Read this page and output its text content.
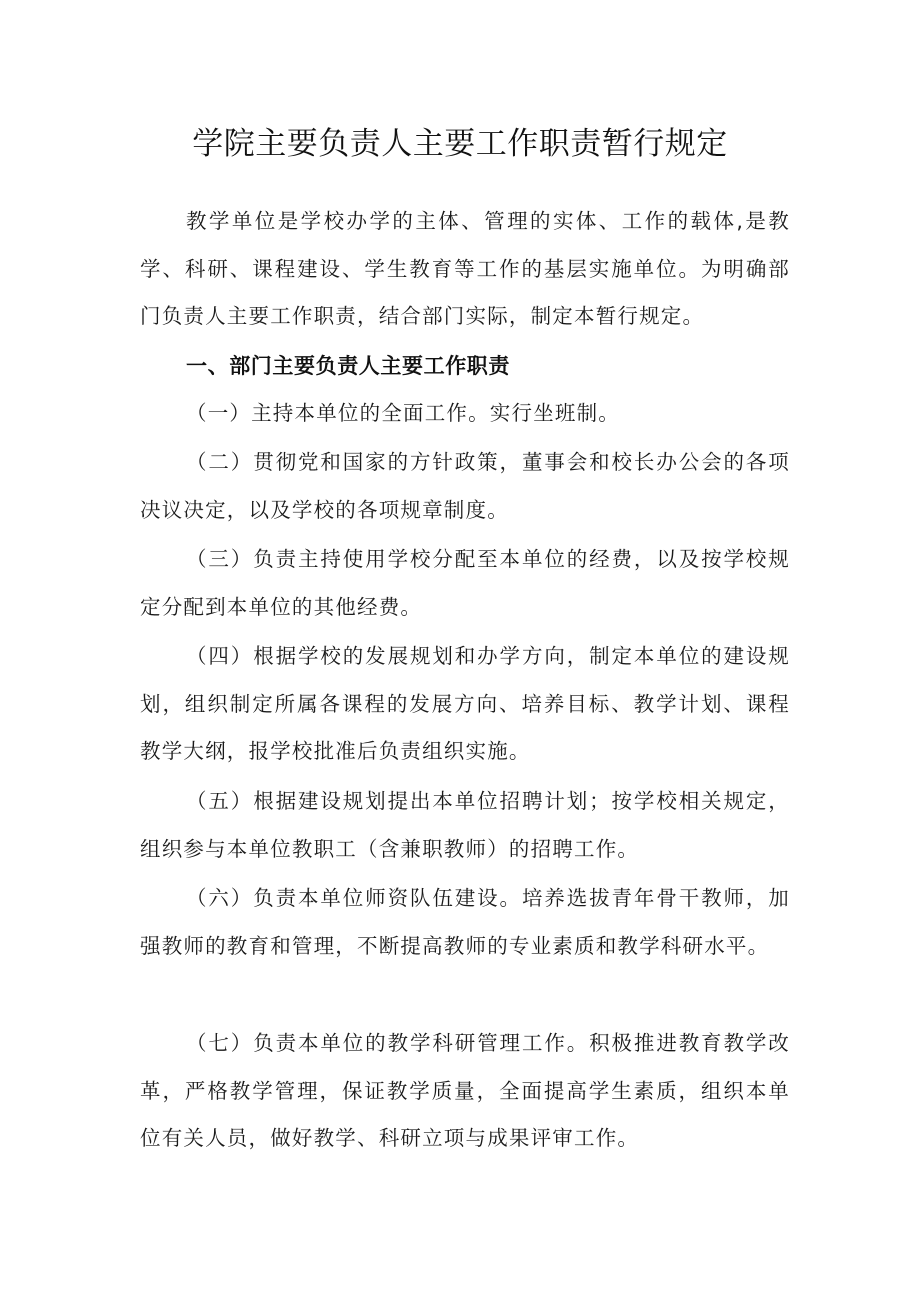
学院主要负责人主要工作职责暂行规定

教学单位是学校办学的主体、管理的实体、工作的载体,是教学、科研、课程建设、学生教育等工作的基层实施单位。为明确部门负责人主要工作职责，结合部门实际，制定本暂行规定。

一、部门主要负责人主要工作职责

（一）主持本单位的全面工作。实行坐班制。

（二）贯彻党和国家的方针政策，董事会和校长办公会的各项决议决定，以及学校的各项规章制度。

（三）负责主持使用学校分配至本单位的经费，以及按学校规定分配到本单位的其他经费。

（四）根据学校的发展规划和办学方向，制定本单位的建设规划，组织制定所属各课程的发展方向、培养目标、教学计划、课程教学大纲，报学校批准后负责组织实施。

（五）根据建设规划提出本单位招聘计划；按学校相关规定，组织参与本单位教职工（含兼职教师）的招聘工作。

（六）负责本单位师资队伍建设。培养选拔青年骨干教师，加强教师的教育和管理，不断提高教师的专业素质和教学科研水平。

（七）负责本单位的教学科研管理工作。积极推进教育教学改革，严格教学管理，保证教学质量，全面提高学生素质，组织本单位有关人员，做好教学、科研立项与成果评审工作。
